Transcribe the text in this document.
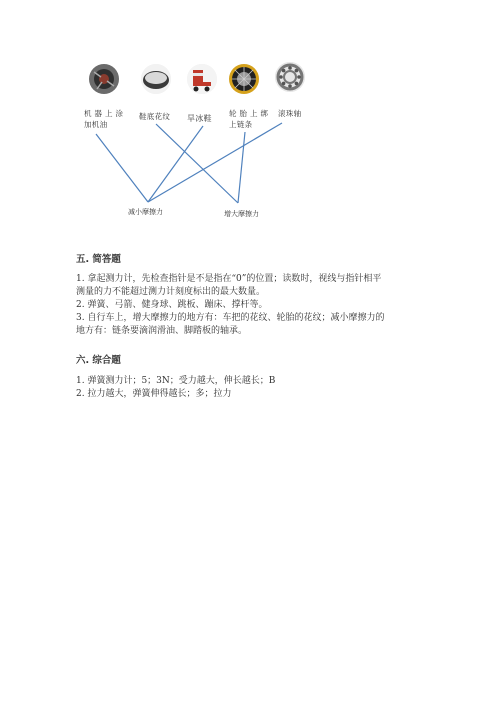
机 器 上 涂
加机油
鞋底花纹 旱冰鞋
轮 胎 上 绑
上链条
滚珠轴
减小摩擦力	增大摩擦力
五. 简答题

1. 拿起测力计，先检查指针是不是指在“0”的位置；读数时，视线与指针相平

测量的力不能超过测力计刻度标出的最大数量。

2. 弹簧、弓箭、健身球、跳板、蹦床、撑杆等。

3. 自行车上，增大摩擦力的地方有：车把的花纹、轮胎的花纹；减小摩擦力的

地方有：链条要滴润滑油、脚踏板的轴承。

六. 综合题

1. 弹簧测力计；5；3N；受力越大，伸长越长；B

2. 拉力越大，弹簧伸得越长；多；拉力
